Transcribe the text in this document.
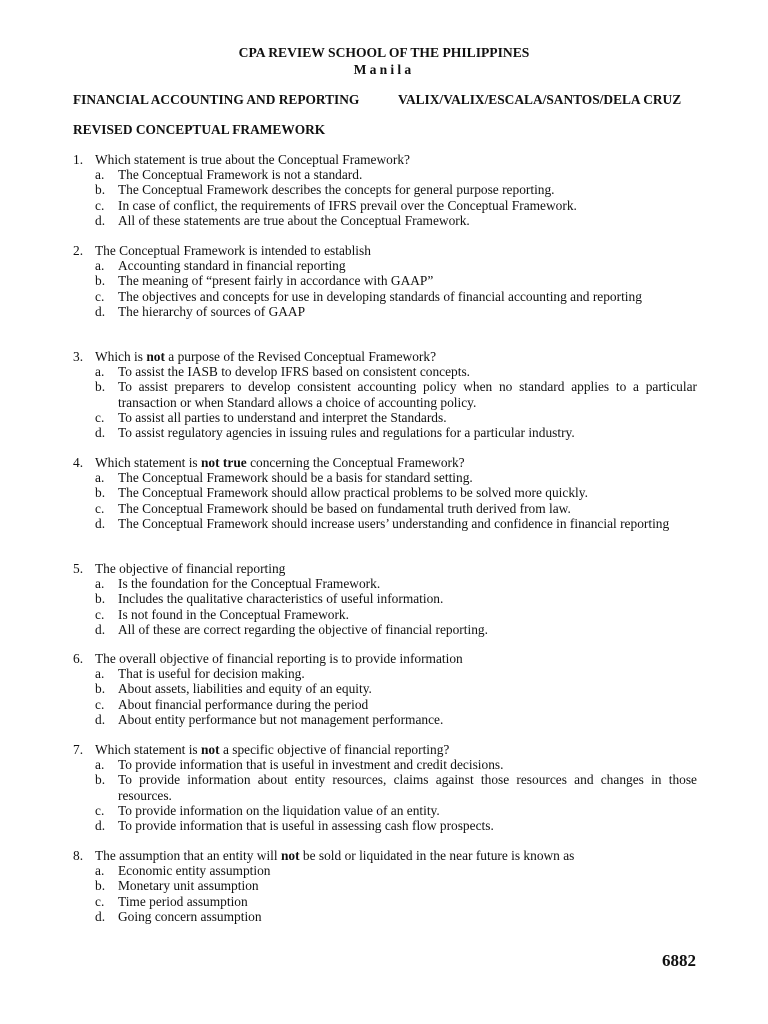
CPA REVIEW SCHOOL OF THE PHILIPPINES
Manila
FINANCIAL ACCOUNTING AND REPORTING	VALIX/VALIX/ESCALA/SANTOS/DELA CRUZ
REVISED CONCEPTUAL FRAMEWORK
1. Which statement is true about the Conceptual Framework?
a. The Conceptual Framework is not a standard.
b. The Conceptual Framework describes the concepts for general purpose reporting.
c. In case of conflict, the requirements of IFRS prevail over the Conceptual Framework.
d. All of these statements are true about the Conceptual Framework.
2. The Conceptual Framework is intended to establish
a. Accounting standard in financial reporting
b. The meaning of “present fairly in accordance with GAAP”
c. The objectives and concepts for use in developing standards of financial accounting and reporting
d. The hierarchy of sources of GAAP
3. Which is not a purpose of the Revised Conceptual Framework?
a. To assist the IASB to develop IFRS based on consistent concepts.
b. To assist preparers to develop consistent accounting policy when no standard applies to a particular transaction or when Standard allows a choice of accounting policy.
c. To assist all parties to understand and interpret the Standards.
d. To assist regulatory agencies in issuing rules and regulations for a particular industry.
4. Which statement is not true concerning the Conceptual Framework?
a. The Conceptual Framework should be a basis for standard setting.
b. The Conceptual Framework should allow practical problems to be solved more quickly.
c. The Conceptual Framework should be based on fundamental truth derived from law.
d. The Conceptual Framework should increase users’ understanding and confidence in financial reporting
5. The objective of financial reporting
a. Is the foundation for the Conceptual Framework.
b. Includes the qualitative characteristics of useful information.
c. Is not found in the Conceptual Framework.
d. All of these are correct regarding the objective of financial reporting.
6. The overall objective of financial reporting is to provide information
a. That is useful for decision making.
b. About assets, liabilities and equity of an equity.
c. About financial performance during the period
d. About entity performance but not management performance.
7. Which statement is not a specific objective of financial reporting?
a. To provide information that is useful in investment and credit decisions.
b. To provide information about entity resources, claims against those resources and changes in those resources.
c. To provide information on the liquidation value of an entity.
d. To provide information that is useful in assessing cash flow prospects.
8. The assumption that an entity will not be sold or liquidated in the near future is known as
a. Economic entity assumption
b. Monetary unit assumption
c. Time period assumption
d. Going concern assumption
6882
